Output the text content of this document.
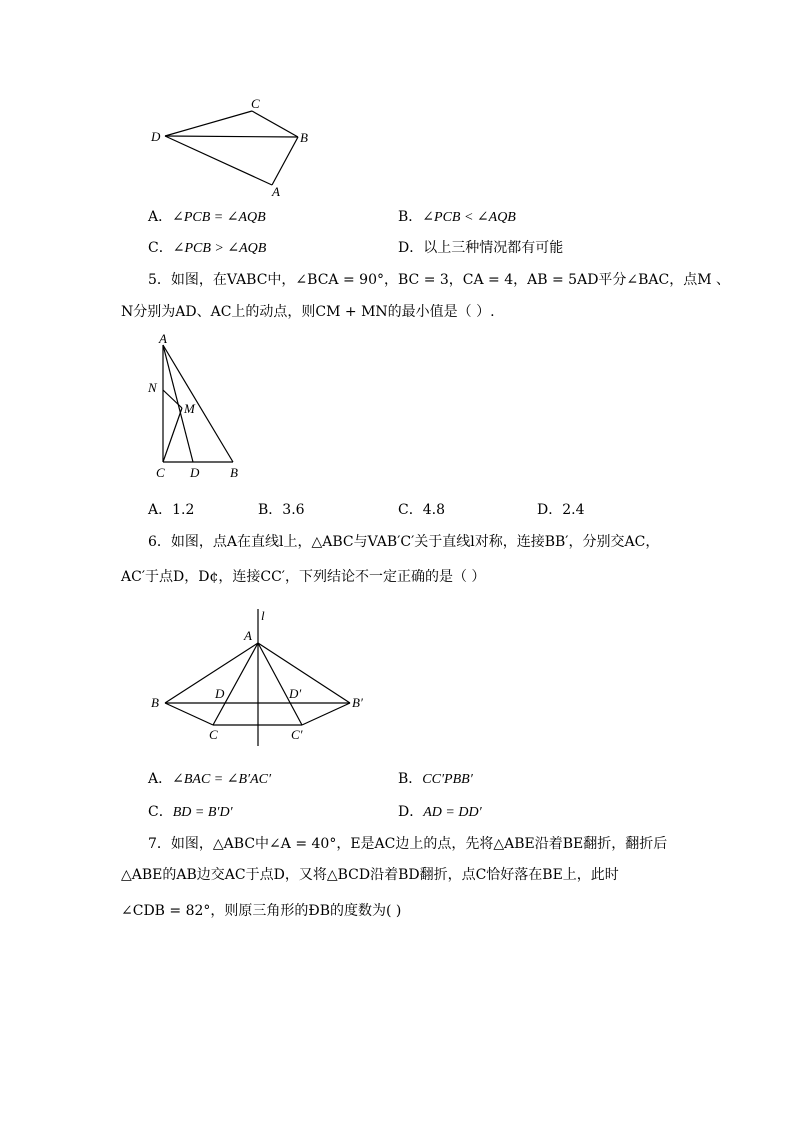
C
D	B
A
A．∠PCB = ∠AQB	B．∠PCB < ∠AQB
C．∠PCB > ∠AQB	D．以上三种情况都有可能
5．如图，在VABC中，∠BCA = 90°，BC = 3，CA = 4，AB = 5AD平分∠BAC，点M 、
N分别为AD、AC上的动点，则CM + MN的最小值是（ ）.
A
N
M
C D B
A．1.2	B．3.6	C．4.8	D．2.4
6．如图，点A在直线l上，△ABC与VAB′C′关于直线l对称，连接BB′，分别交AC，
AC′于点D，D¢，连接CC′，下列结论不一定正确的是（ ）
l
A
B
D	D′
B′
C	C′
A．∠BAC = ∠B′AC′	B．CC′PBB′
C．BD = B′D′	D．AD = DD′
7．如图，△ABC中∠A = 40°，E是AC边上的点，先将△ABE沿着BE翻折，翻折后
△ABE的AB边交AC于点D，又将△BCD沿着BD翻折，点C恰好落在BE上，此时
∠CDB = 82°，则原三角形的ÐB的度数为( )
